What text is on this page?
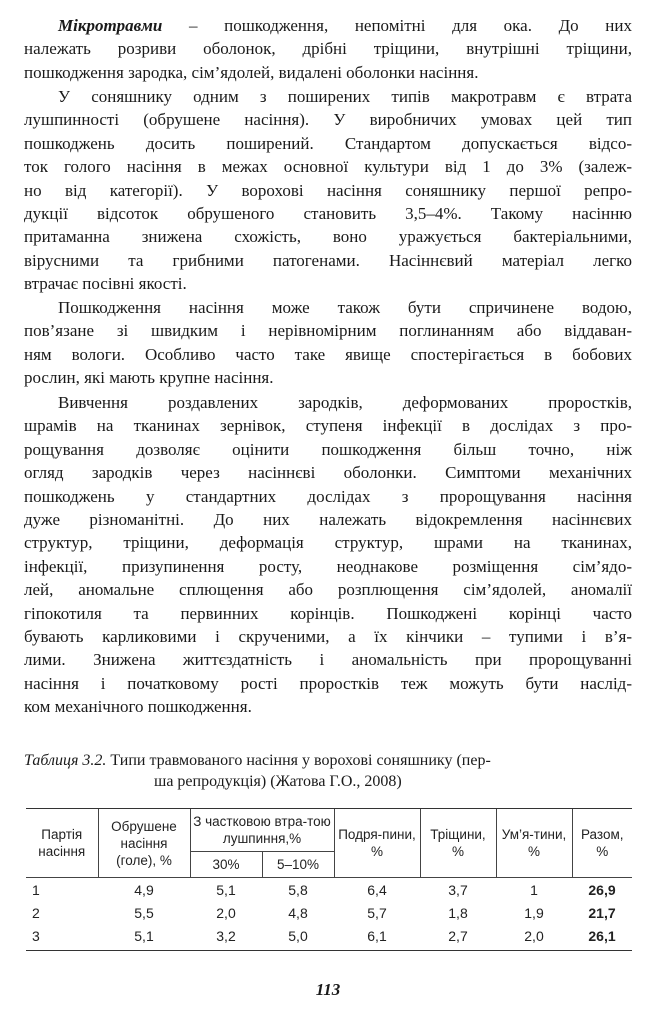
Мікротравми – пошкодження, непомітні для ока. До них
належать розриви оболонок, дрібні тріщини, внутрішні тріщини,
пошкодження зародка, сім’ядолей, видалені оболонки насіння.

У соняшнику одним з поширених типів макротравм є втрата
лушпинності (обрушене насіння). У виробничих умовах цей тип
пошкоджень досить поширений. Стандартом допускається відсо-
ток голого насіння в межах основної культури від 1 до 3% (залеж-
но від категорії). У ворохові насіння соняшнику першої репро-
дукції відсоток обрушеного становить 3,5–4%. Такому насінню
притаманна знижена схожість, воно уражується бактеріальними,
вірусними та грибними патогенами. Насіннєвий матеріал легко
втрачає посівні якості.

Пошкодження насіння може також бути спричинене водою,
пов’язане зі швидким і нерівномірним поглинанням або віддаван-
ням вологи. Особливо часто таке явище спостерігається в бобових
рослин, які мають крупне насіння.

Вивчення роздавлених зародків, деформованих проростків,
шрамів на тканинах зернівок, ступеня інфекції в дослідах з про-
рощування дозволяє оцінити пошкодження більш точно, ніж
огляд зародків через насіннєві оболонки. Симптоми механічних
пошкоджень у стандартних дослідах з пророщування насіння
дуже різноманітні. До них належать відокремлення насіннєвих
структур, тріщини, деформація структур, шрами на тканинах,
інфекції, призупинення росту, неоднакове розміщення сім’ядо-
лей, аномальне сплющення або розплющення сім’ядолей, аномалії
гіпокотиля та первинних корінців. Пошкоджені корінці часто
бувають карликовими і скрученими, а їх кінчики – тупими і в’я-
лими. Знижена життєздатність і аномальність при пророщуванні
насіння і початковому рості проростків теж можуть бути наслід-
ком механічного пошкодження.

Таблиця 3.2. Типи травмованого насіння у ворохові соняшнику (пер-
ша репродукція) (Жатова Г.О., 2008)
Партія насіння	Обрушене насіння (голе), %	З частковою втра-тою лушпиння,%		Подря-пини, %	Тріщини, %	Ум’я-тини, %	Разом, %
		30%	5–10%				
1	4,9	5,1	5,8	6,4	3,7	1	26,9
2	5,5	2,0	4,8	5,7	1,8	1,9	21,7
3	5,1	3,2	5,0	6,1	2,7	2,0	26,1
113
